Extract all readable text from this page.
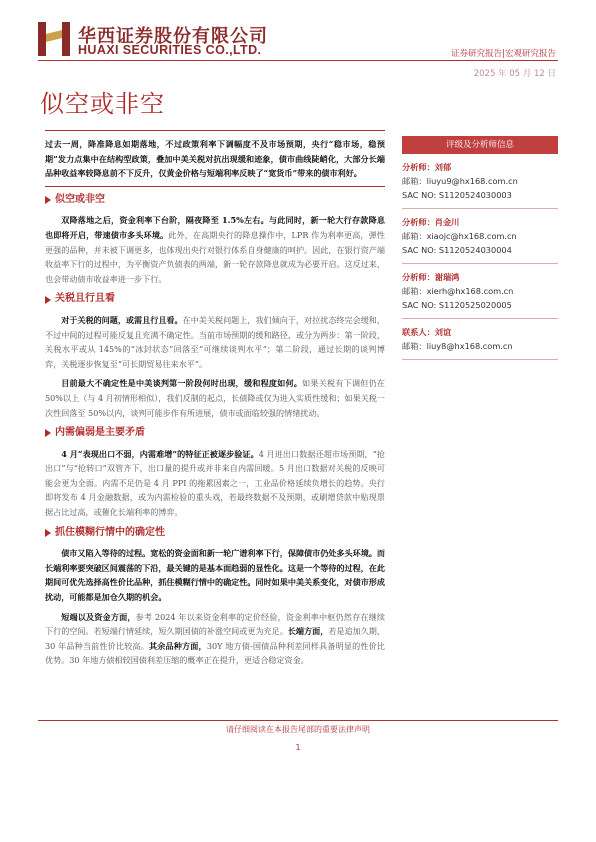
华西证券股份有限公司
HUAXI SECURITIES CO.,LTD.	证券研究报告|宏观研究报告
2025 年 05 月 12 日
似空或非空

过去一周，降准降息如期落地，不过政策利率下调幅度不及市场预期，央行“稳市场，稳预期”发力点集中在结构型政策，叠加中美关税对抗出现缓和迹象，债市曲线陡峭化，大部分长端品种收益率较降息前不下反升，仅黄金价格与短端利率反映了“宽货币”带来的债市利好。

似空或非空

双降落地之后，资金利率下台阶，隔夜降至 1.5%左右。与此同时，新一轮大行存款降息也即将开启，带速债市多头环境。此外，在高期央行的降息操作中，LPR 作为利率更高，弹性更强的品种，并未被下调更多，也体现出央行对银行体系自身健康的呵护。因此，在银行资产端收益率下行的过程中，为平衡资产负债表的两端，新一轮存款降息就成为必要开启。这反过来，也会带动债市收益率进一步下行。

关税且行且看

对于关税的问题，或需且行且看。在中美关税问题上，我们倾向于，对拉扰态终完会缓和，不过中间的过程可能反复且充满不确定性。当前市场预期的缓和路径，或分为两步：第一阶段，关税水平或从 145%的“冰封状态”回落至“可继续谈判水平”；第二阶段，通过长期的谈判博弈，关税逐步恢复至“可长期贸易往来水平”。

目前最大不确定性是中美谈判第一阶段何时出现，缓和程度如何。如果关税有下调但仍在 50%以上（与 4 月初情形相似），我们反制的起点，长债降或仅为进入实质性缓和；如果关税一次性回落至 50%以内，谈判可能步作有所进展，债市或面临较强的情绪扰动。

内需偏弱是主要矛盾

4 月“表现出口不弱，内需难增”的特征正被逐步验证。4 月进出口数据还超市场预期，“抢出口”与“抢转口”双管齐下，出口量的提升或并非来自内需回暖。5 月出口数据对关税的反映可能会更为全面。内需不足仍是 4 月 PPI 的拖累因素之一，工业品价格延续负增长的趋势。央行即将发布 4 月金融数据，或为内需检验的重头戏，若最终数据不及预期，或刷增贷款中贴现票据占比过高，或催化长端利率的博弈。

抓住模糊行情中的确定性

债市又陷入等待的过程。宽松的资金面和新一轮广谱利率下行，保障债市仍处多头环境。而长端利率要突破区间震荡的下沿，最关键的是基本面趋弱的显性化。这是一个等待的过程，在此期间可优先选择高性价比品种，抓住模糊行情中的确定性。同时如果中美关系变化，对债市形成扰动，可能都是加仓久期的机会。

短端以及资金方面，参考 2024 年以来资金利率的定价经验，资金利率中枢仍然存在继续下行的空间。若短端行情延续，短久期国债的补涨空间或更为充足。长端方面，若是追加久期，30 年品种当前性价比较高。其余品种方面，30Y 地方债-国债品种利差同样具备明显的性价比优势。30 年地方债相较国债利差压缩的概率正在提升，更适合稳定资金。

评级及分析师信息
分析师：刘郁
邮箱：liuyu9@hx168.com.cn
SAC NO: S1120524030003
分析师：肖金川
邮箱：xiaojc@hx168.com.cn
SAC NO: S1120524030004
分析师：谢瑞鸿
邮箱：xierh@hx168.com.cn
SAC NO: S1120525020005
联系人：刘谊
邮箱：liuy8@hx168.com.cn
请仔细阅读在本报告尾部的重要法律声明
1
